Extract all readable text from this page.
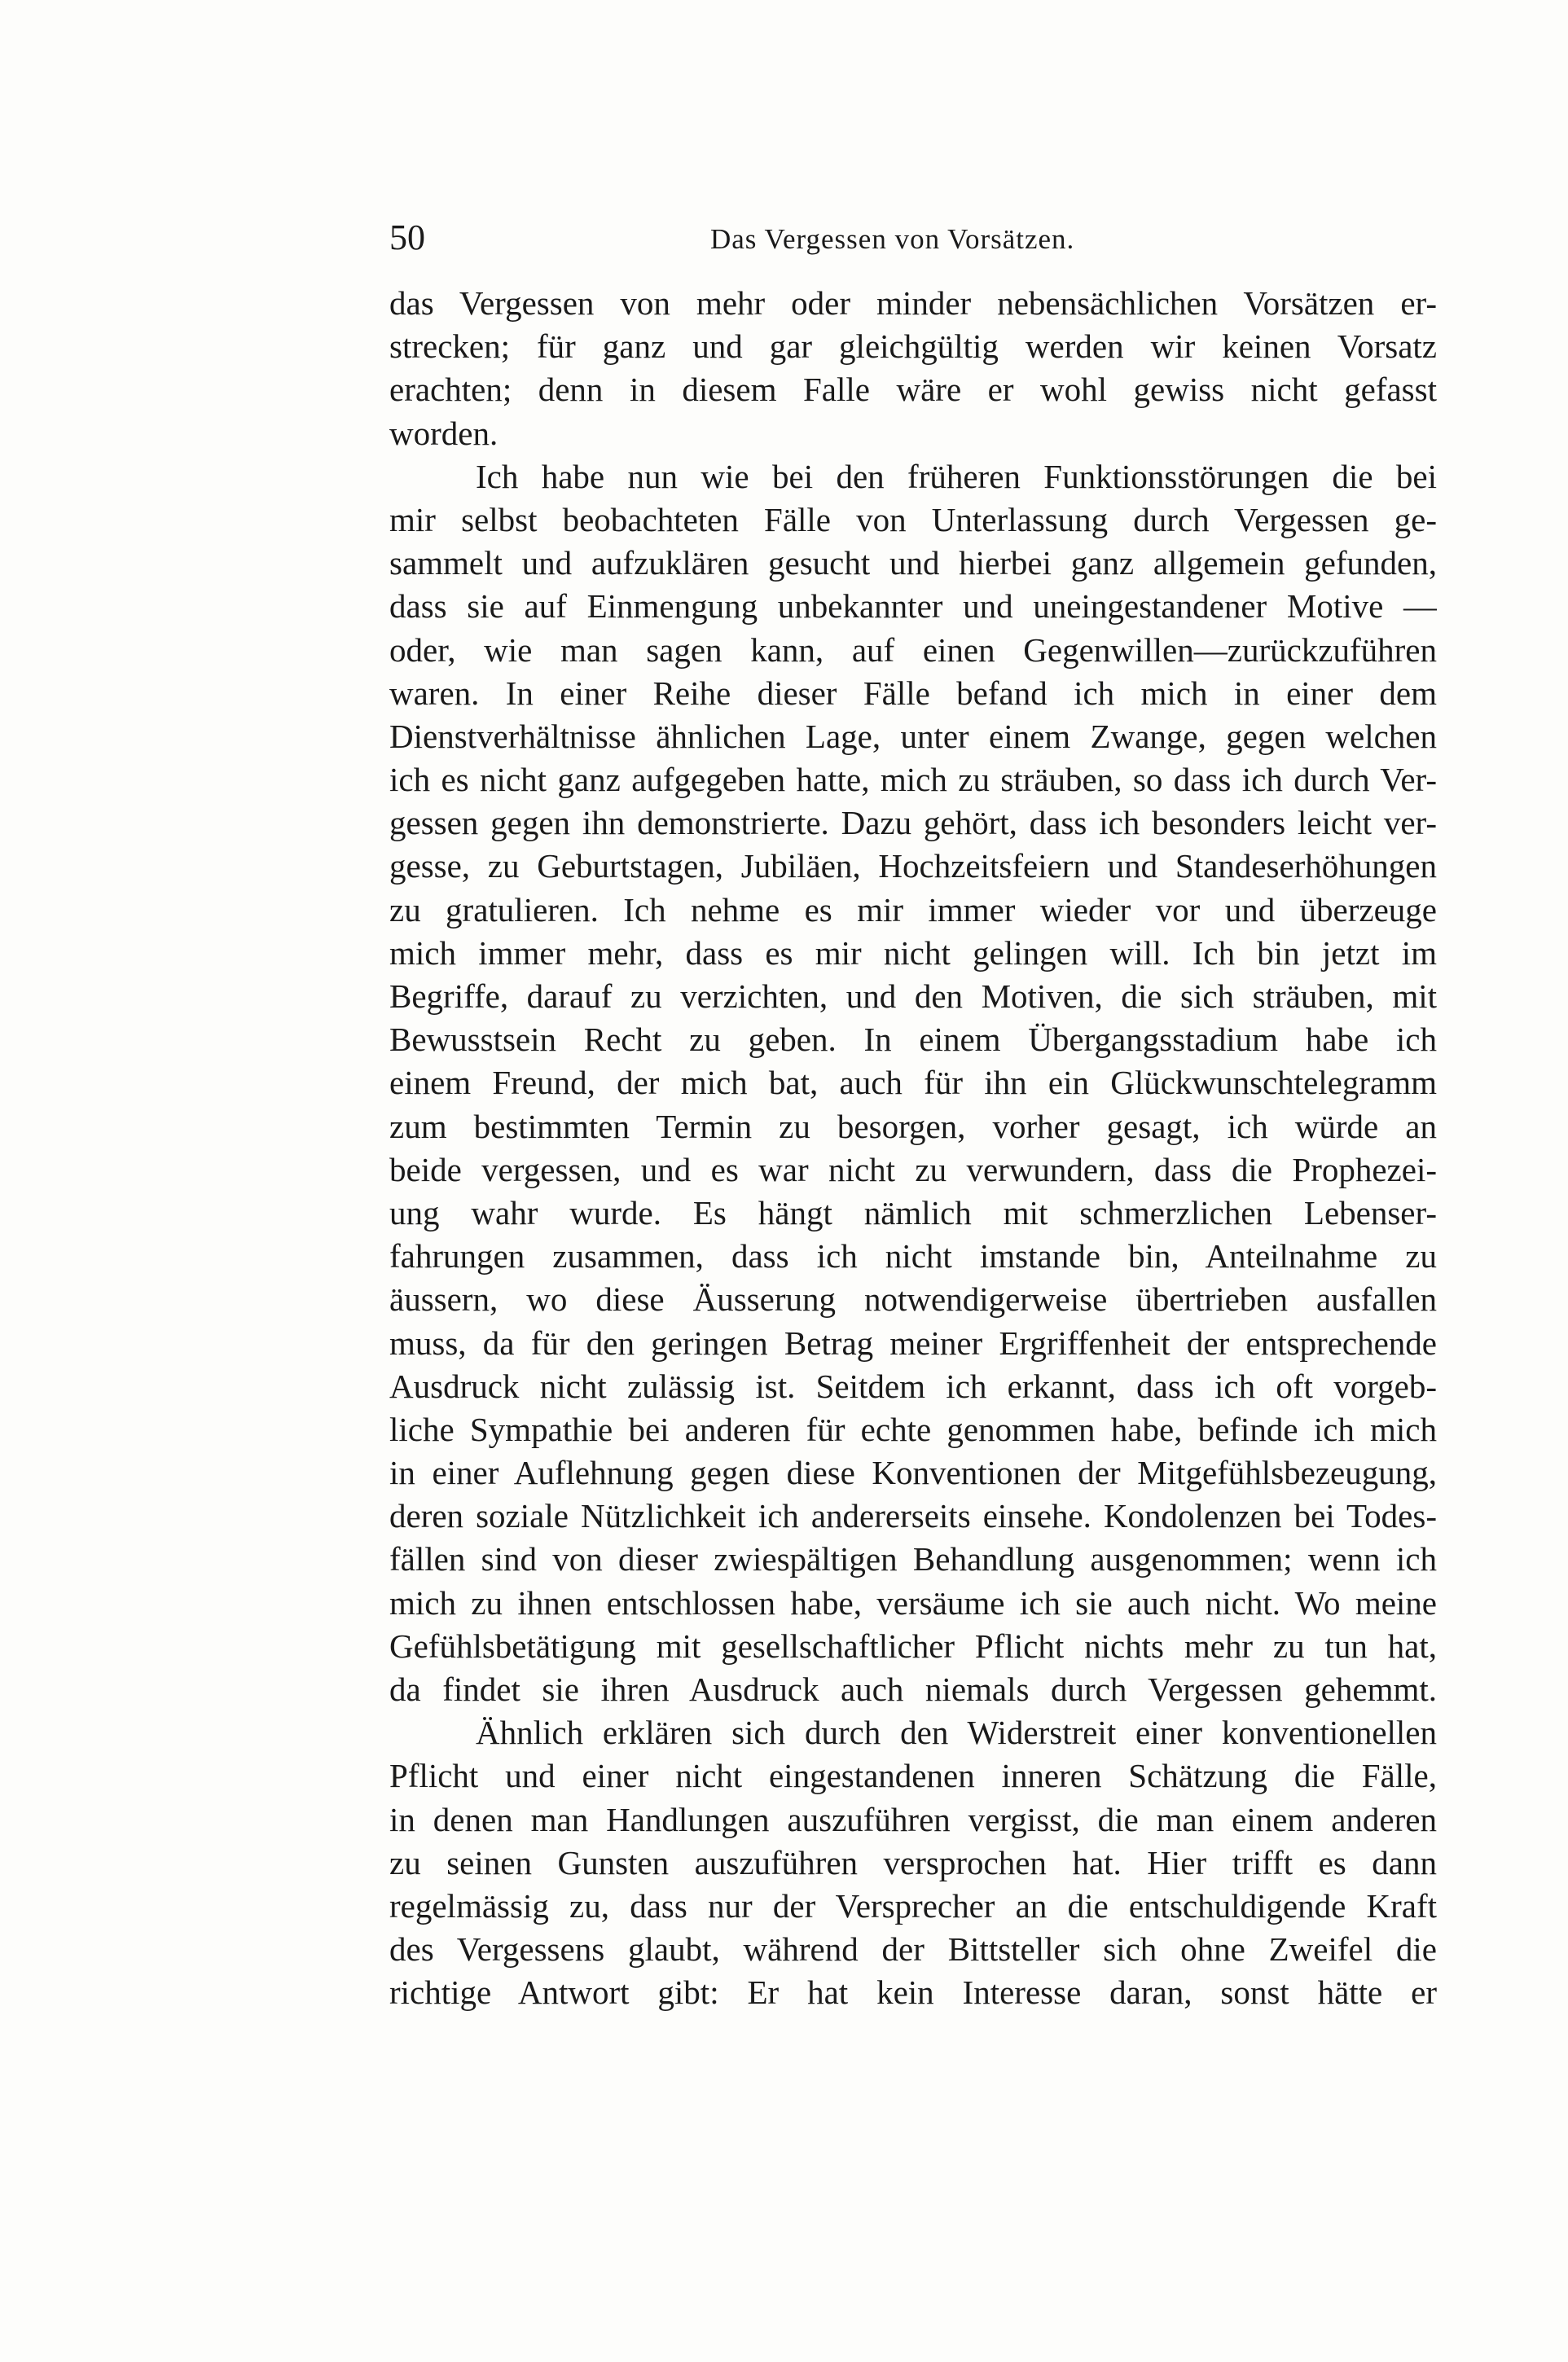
50	Das Vergessen von Vorsätzen.
das Vergessen von mehr oder minder nebensächlichen Vorsätzen er-
strecken; für ganz und gar gleichgültig werden wir keinen Vorsatz
erachten; denn in diesem Falle wäre er wohl gewiss nicht gefasst
worden.
Ich habe nun wie bei den früheren Funktionsstörungen die bei
mir selbst beobachteten Fälle von Unterlassung durch Vergessen ge-
sammelt und aufzuklären gesucht und hierbei ganz allgemein gefunden,
dass sie auf Einmengung unbekannter und uneingestandener Motive —
oder, wie man sagen kann, auf einen Gegenwillen—zurückzuführen
waren. In einer Reihe dieser Fälle befand ich mich in einer dem
Dienstverhältnisse ähnlichen Lage, unter einem Zwange, gegen welchen
ich es nicht ganz aufgegeben hatte, mich zu sträuben, so dass ich durch Ver-
gessen gegen ihn demonstrierte. Dazu gehört, dass ich besonders leicht ver-
gesse, zu Geburtstagen, Jubiläen, Hochzeitsfeiern und Standeserhöhungen
zu gratulieren. Ich nehme es mir immer wieder vor und überzeuge
mich immer mehr, dass es mir nicht gelingen will. Ich bin jetzt im
Begriffe, darauf zu verzichten, und den Motiven, die sich sträuben, mit
Bewusstsein Recht zu geben. In einem Übergangsstadium habe ich
einem Freund, der mich bat, auch für ihn ein Glückwunschtelegramm
zum bestimmten Termin zu besorgen, vorher gesagt, ich würde an
beide vergessen, und es war nicht zu verwundern, dass die Prophezei-
ung wahr wurde. Es hängt nämlich mit schmerzlichen Lebenser-
fahrungen zusammen, dass ich nicht imstande bin, Anteilnahme zu
äussern, wo diese Äusserung notwendigerweise übertrieben ausfallen
muss, da für den geringen Betrag meiner Ergriffenheit der entsprechende
Ausdruck nicht zulässig ist. Seitdem ich erkannt, dass ich oft vorgeb-
liche Sympathie bei anderen für echte genommen habe, befinde ich mich
in einer Auflehnung gegen diese Konventionen der Mitgefühlsbezeugung,
deren soziale Nützlichkeit ich andererseits einsehe. Kondolenzen bei Todes-
fällen sind von dieser zwiespältigen Behandlung ausgenommen; wenn ich
mich zu ihnen entschlossen habe, versäume ich sie auch nicht. Wo meine
Gefühlsbetätigung mit gesellschaftlicher Pflicht nichts mehr zu tun hat,
da findet sie ihren Ausdruck auch niemals durch Vergessen gehemmt.
Ähnlich erklären sich durch den Widerstreit einer konventionellen
Pflicht und einer nicht eingestandenen inneren Schätzung die Fälle,
in denen man Handlungen auszuführen vergisst, die man einem anderen
zu seinen Gunsten auszuführen versprochen hat. Hier trifft es dann
regelmässig zu, dass nur der Versprecher an die entschuldigende Kraft
des Vergessens glaubt, während der Bittsteller sich ohne Zweifel die
richtige Antwort gibt: Er hat kein Interesse daran, sonst hätte er
